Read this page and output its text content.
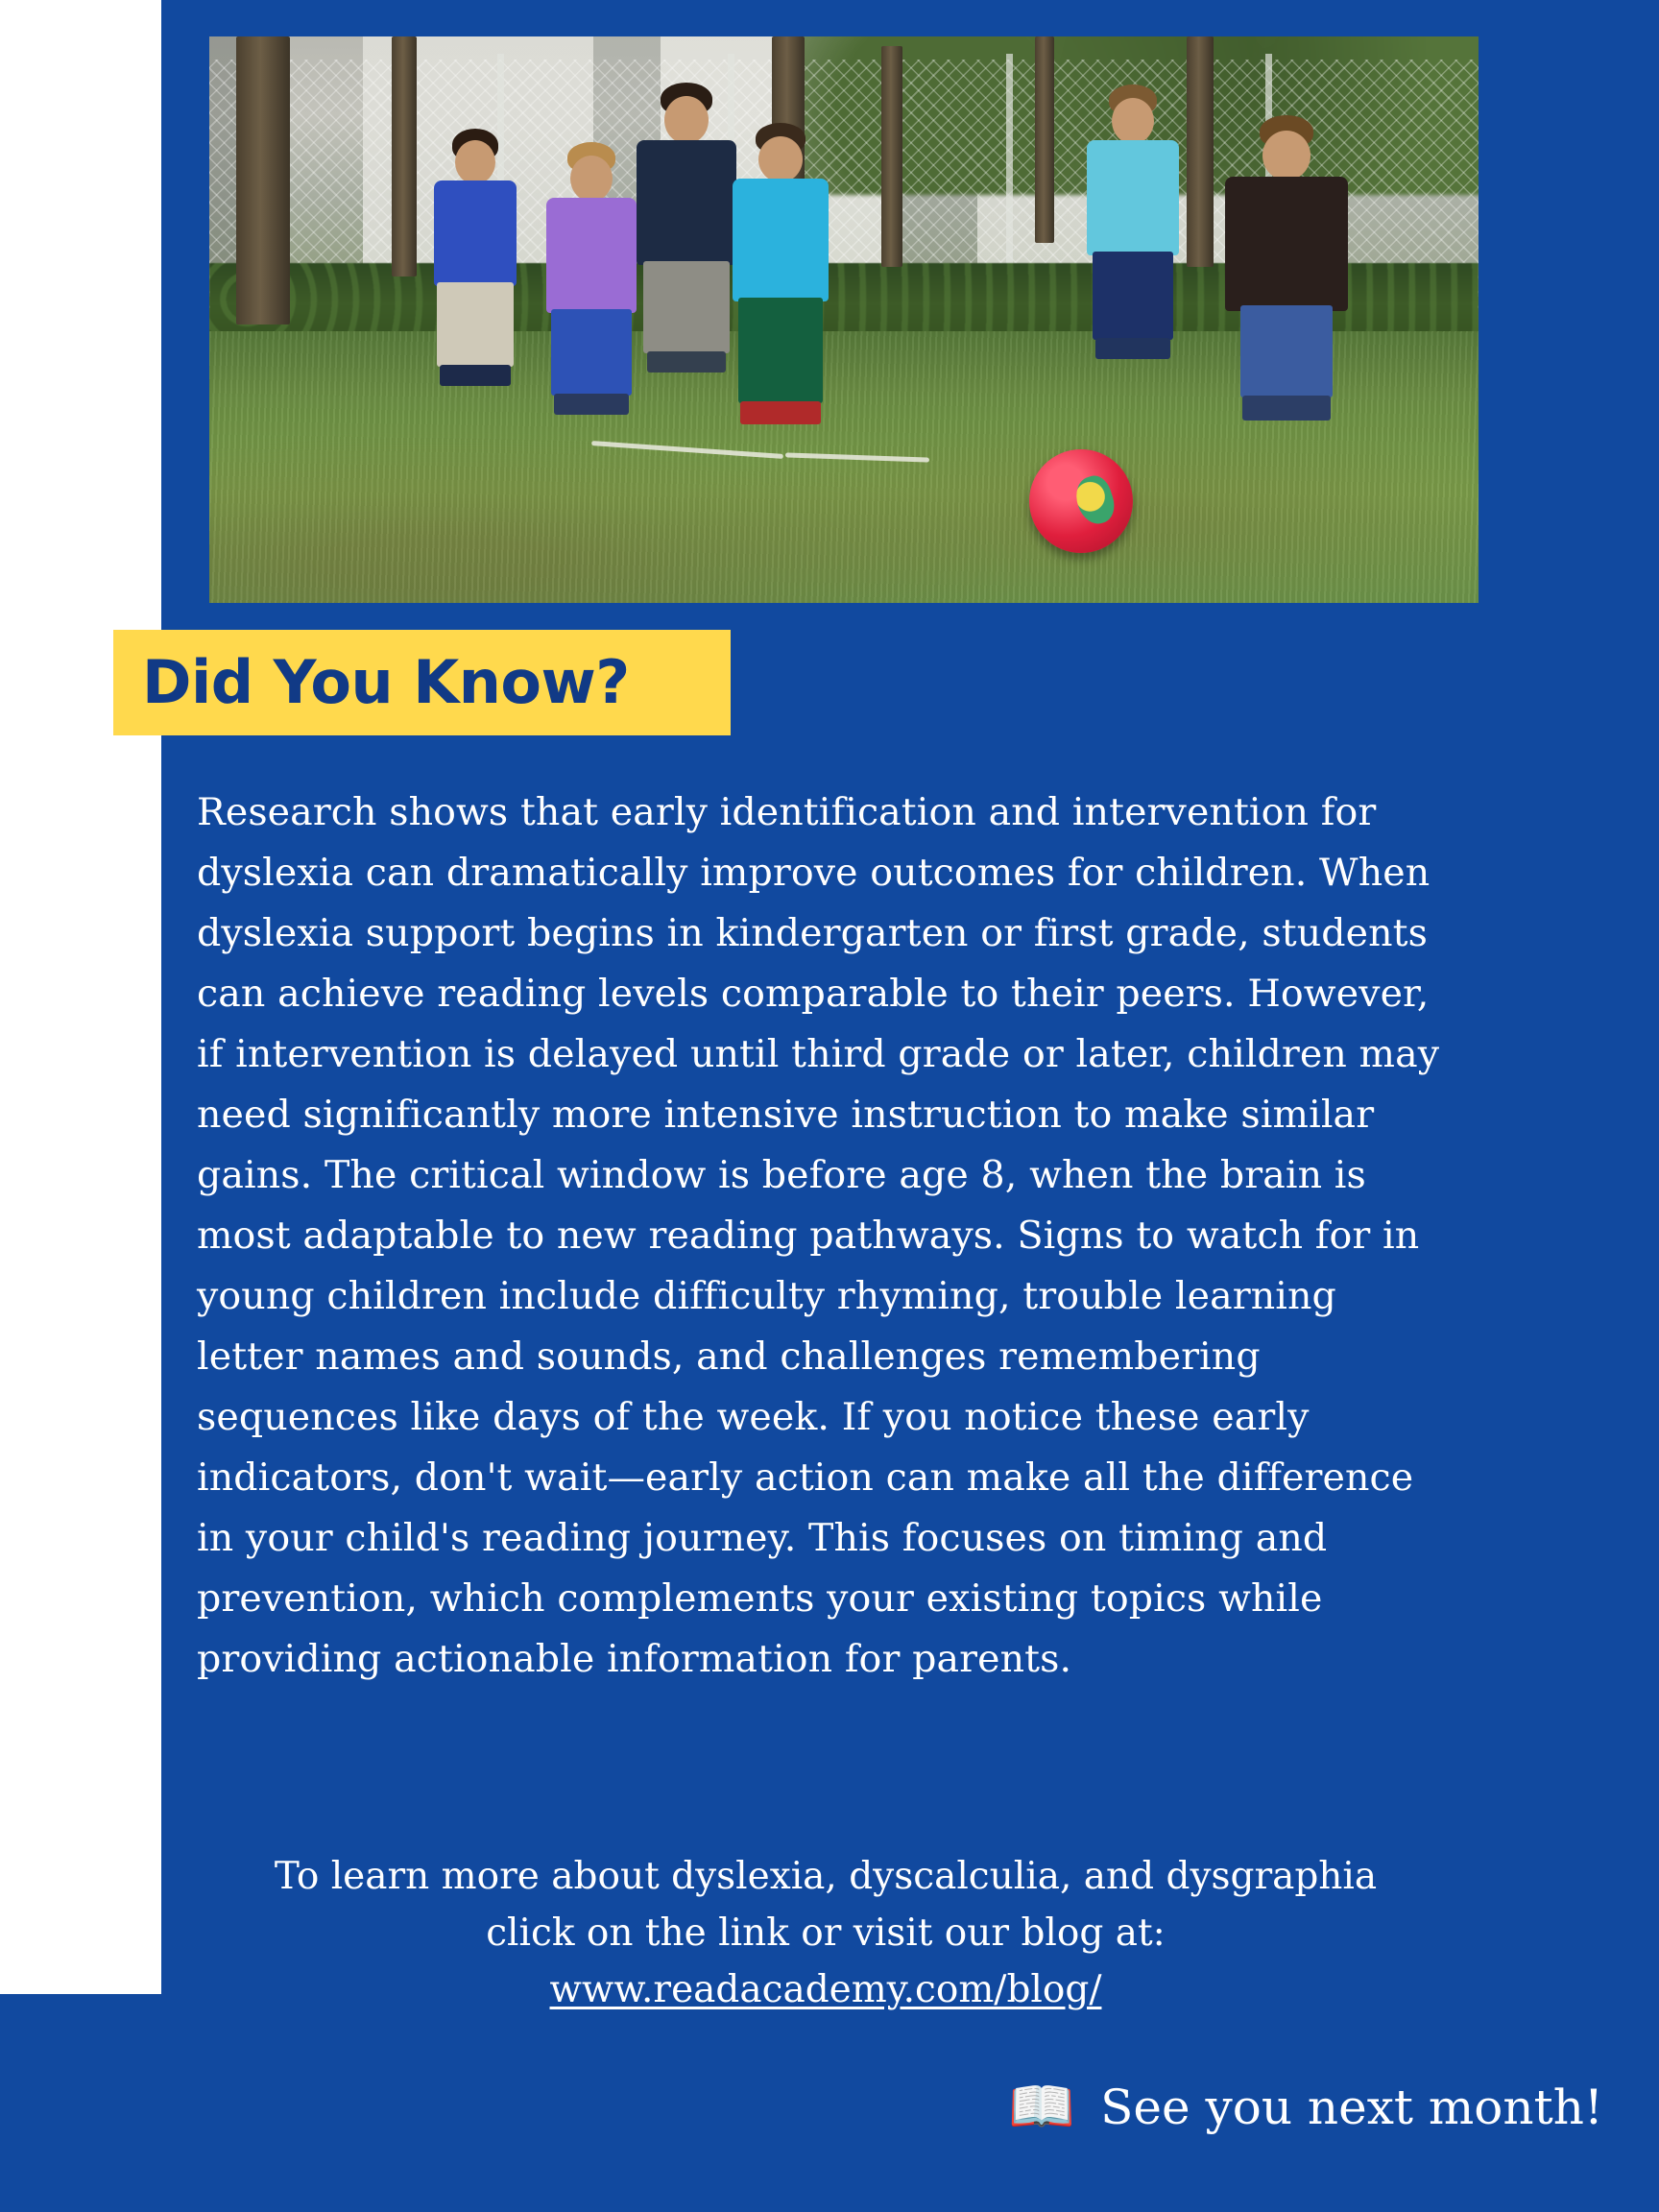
Did You Know?
Research shows that early identification and intervention for dyslexia can dramatically improve outcomes for children. When dyslexia support begins in kindergarten or first grade, students can achieve reading levels comparable to their peers. However, if intervention is delayed until third grade or later, children may need significantly more intensive instruction to make similar gains. The critical window is before age 8, when the brain is most adaptable to new reading pathways. Signs to watch for in young children include difficulty rhyming, trouble learning letter names and sounds, and challenges remembering sequences like days of the week. If you notice these early indicators, don't wait—early action can make all the difference in your child's reading journey. This focuses on timing and prevention, which complements your existing topics while providing actionable information for parents.
To learn more about dyslexia, dyscalculia, and dysgraphia
click on the link or visit our blog at:
www.readacademy.com/blog/
📖 See you next month!
